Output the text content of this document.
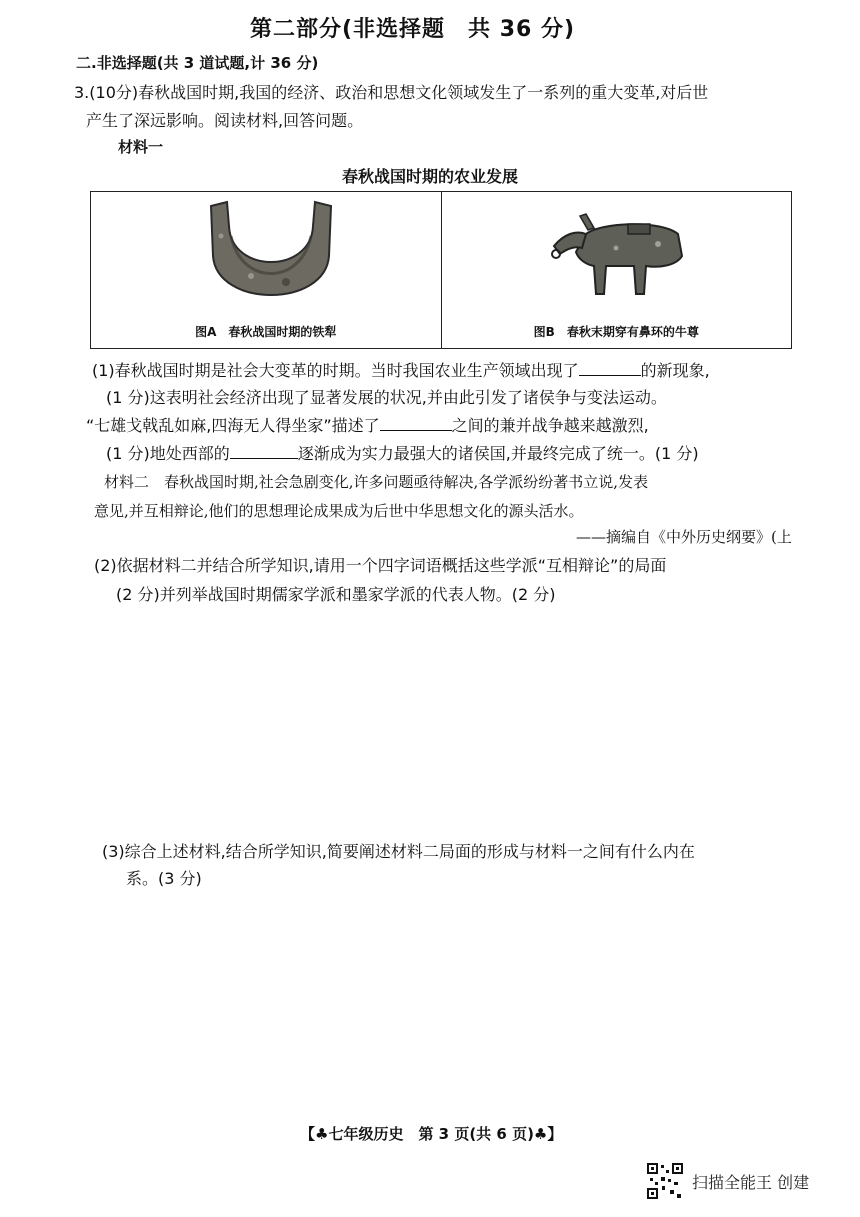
第二部分(非选择题　共 36 分)
二.非选择题(共 3 道试题,计 36 分)
3.(10分)春秋战国时期,我国的经济、政治和思想文化领域发生了一系列的重大变革,对后世
产生了深远影响。阅读材料,回答问题。
材料一
春秋战国时期的农业发展
图A　春秋战国时期的铁犁	图B　春秋末期穿有鼻环的牛尊
(1)春秋战国时期是社会大变革的时期。当时我国农业生产领域出现了	的新现象,
(1 分)这表明社会经济出现了显著发展的状况,并由此引发了诸侯争与变法运动。
“七雄戈戟乱如麻,四海无人得坐家”描述了	之间的兼并战争越来越激烈,
(1 分)地处西部的	逐渐成为实力最强大的诸侯国,并最终完成了统一。(1 分)
材料二　春秋战国时期,社会急剧变化,许多问题亟待解决,各学派纷纷著书立说,发表
意见,并互相辩论,他们的思想理论成果成为后世中华思想文化的源头活水。
——摘编自《中外历史纲要》(上
(2)依据材料二并结合所学知识,请用一个四字词语概括这些学派“互相辩论”的局面
(2 分)并列举战国时期儒家学派和墨家学派的代表人物。(2 分)
(3)综合上述材料,结合所学知识,简要阐述材料二局面的形成与材料一之间有什么内在
系。(3 分)
【♣七年级历史　第 3 页(共 6 页)♣】
扫描全能王 创建
